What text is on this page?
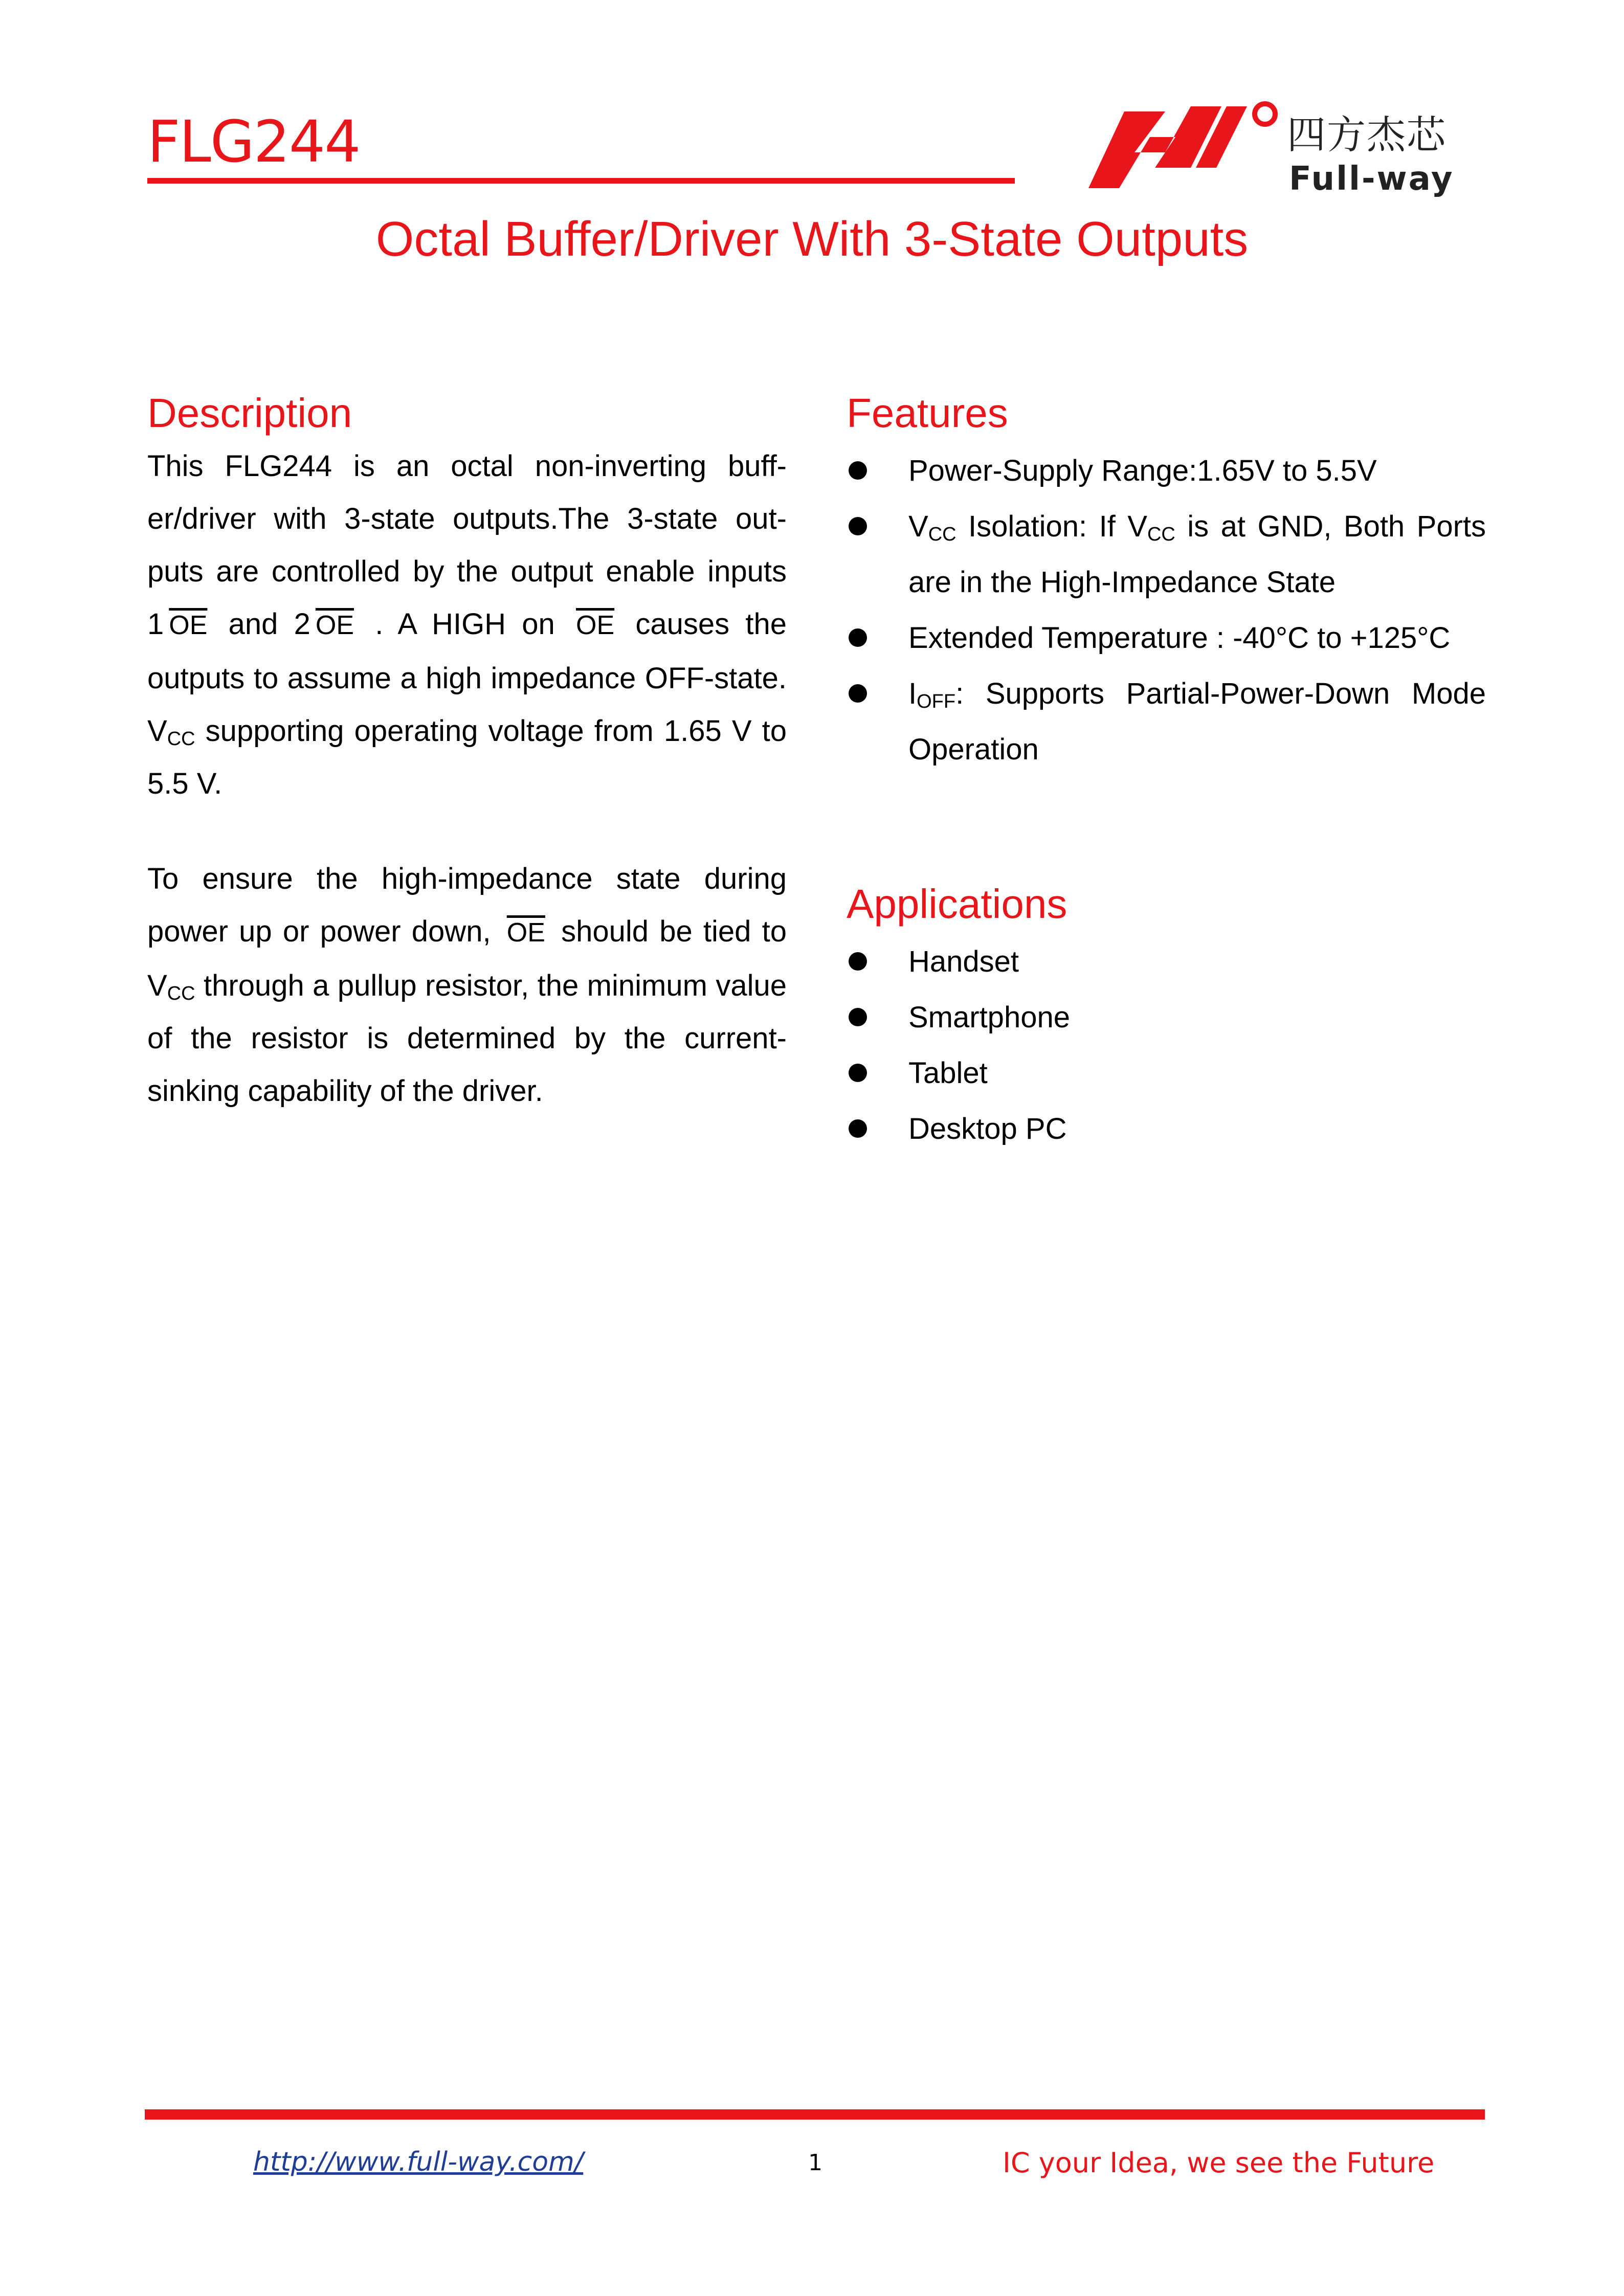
FLG244	四方杰芯
Full-way
Octal Buffer/Driver With 3-State Outputs
Description

This FLG244 is an octal non-inverting buff-er/driver with 3-state outputs.The 3-state out-puts are controlled by the output enable inputs 1 $\overline{OE}$ and 2 $\overline{OE}$ . A HIGH on $\overline{OE}$ causes the outputs to assume a high impedance OFF-state. $V_{CC}$ supporting operating voltage from 1.65 V to 5.5 V.

To ensure the high-impedance state during power up or power down, $\overline{OE}$ should be tied to $V_{CC}$ through a pullup resistor, the minimum value of the resistor is determined by the current-sinking capability of the driver.

Features
Power-Supply Range:1.65V to 5.5V
$V_{CC}$ Isolation: If $V_{CC}$ is at GND, Both Ports are in the High-Impedance State
Extended Temperature : -40°C to +125°C
$I_{OFF}$: Supports Partial-Power-Down Mode Operation
Applications
Handset
Smartphone
Tablet
Desktop PC
http://www.full-way.com/	1	IC your Idea, we see the Future
